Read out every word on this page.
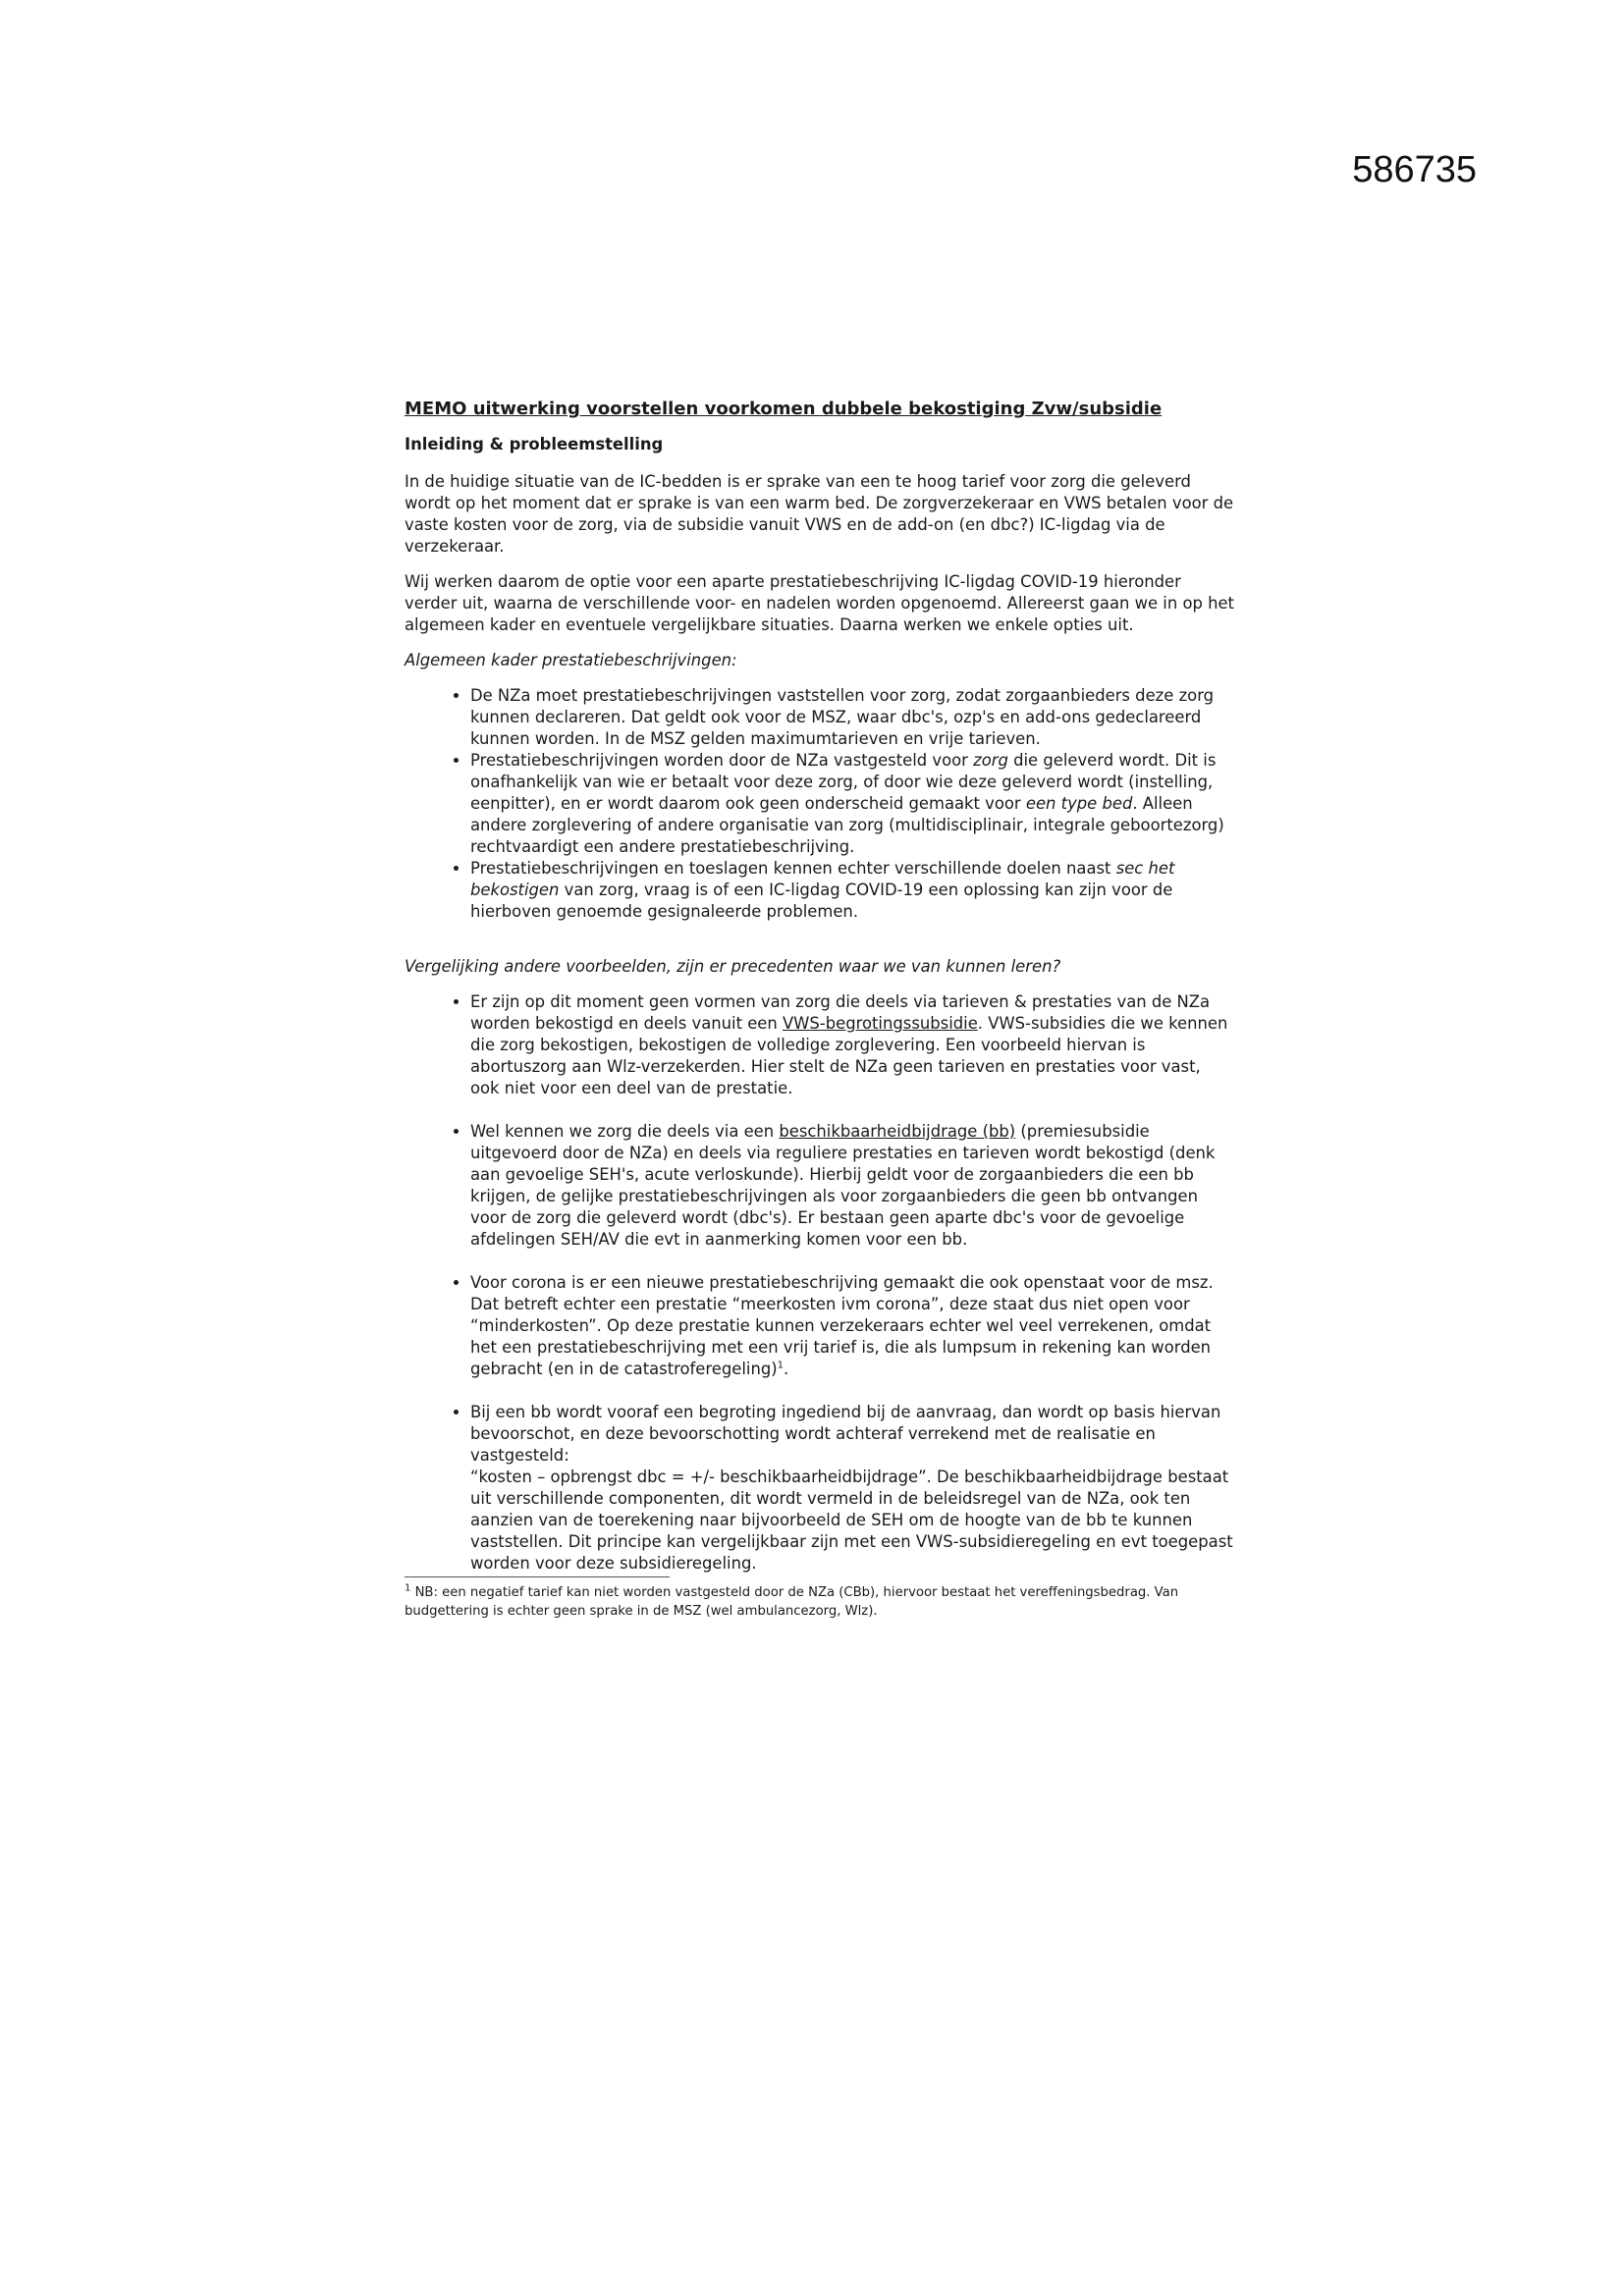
586735
MEMO uitwerking voorstellen voorkomen dubbele bekostiging Zvw/subsidie
Inleiding & probleemstelling

In de huidige situatie van de IC-bedden is er sprake van een te hoog tarief voor zorg die geleverd wordt op het moment dat er sprake is van een warm bed. De zorgverzekeraar en VWS betalen voor de vaste kosten voor de zorg, via de subsidie vanuit VWS en de add-on (en dbc?) IC-ligdag via de verzekeraar.

Wij werken daarom de optie voor een aparte prestatiebeschrijving IC-ligdag COVID-19 hieronder verder uit, waarna de verschillende voor- en nadelen worden opgenoemd. Allereerst gaan we in op het algemeen kader en eventuele vergelijkbare situaties. Daarna werken we enkele opties uit.

Algemeen kader prestatiebeschrijvingen:
• De NZa moet prestatiebeschrijvingen vaststellen voor zorg, zodat zorgaanbieders deze zorg kunnen declareren. Dat geldt ook voor de MSZ, waar dbc's, ozp's en add-ons gedeclareerd kunnen worden. In de MSZ gelden maximumtarieven en vrije tarieven.
• Prestatiebeschrijvingen worden door de NZa vastgesteld voor zorg die geleverd wordt. Dit is onafhankelijk van wie er betaalt voor deze zorg, of door wie deze geleverd wordt (instelling, eenpitter), en er wordt daarom ook geen onderscheid gemaakt voor een type bed. Alleen andere zorglevering of andere organisatie van zorg (multidisciplinair, integrale geboortezorg) rechtvaardigt een andere prestatiebeschrijving.
• Prestatiebeschrijvingen en toeslagen kennen echter verschillende doelen naast sec het bekostigen van zorg, vraag is of een IC-ligdag COVID-19 een oplossing kan zijn voor de hierboven genoemde gesignaleerde problemen.
Vergelijking andere voorbeelden, zijn er precedenten waar we van kunnen leren?
• Er zijn op dit moment geen vormen van zorg die deels via tarieven & prestaties van de NZa worden bekostigd en deels vanuit een VWS-begrotingssubsidie. VWS-subsidies die we kennen die zorg bekostigen, bekostigen de volledige zorglevering. Een voorbeeld hiervan is abortuszorg aan Wlz-verzekerden. Hier stelt de NZa geen tarieven en prestaties voor vast, ook niet voor een deel van de prestatie.
• Wel kennen we zorg die deels via een beschikbaarheidbijdrage (bb) (premiesubsidie uitgevoerd door de NZa) en deels via reguliere prestaties en tarieven wordt bekostigd (denk aan gevoelige SEH's, acute verloskunde). Hierbij geldt voor de zorgaanbieders die een bb krijgen, de gelijke prestatiebeschrijvingen als voor zorgaanbieders die geen bb ontvangen voor de zorg die geleverd wordt (dbc's). Er bestaan geen aparte dbc's voor de gevoelige afdelingen SEH/AV die evt in aanmerking komen voor een bb.
• Voor corona is er een nieuwe prestatiebeschrijving gemaakt die ook openstaat voor de msz. Dat betreft echter een prestatie “meerkosten ivm corona”, deze staat dus niet open voor “minderkosten”. Op deze prestatie kunnen verzekeraars echter wel veel verrekenen, omdat het een prestatiebeschrijving met een vrij tarief is, die als lumpsum in rekening kan worden gebracht (en in de catastroferegeling)$^1$.
• Bij een bb wordt vooraf een begroting ingediend bij de aanvraag, dan wordt op basis hiervan bevoorschot, en deze bevoorschotting wordt achteraf verrekend met de realisatie en vastgesteld:
“kosten – opbrengst dbc = +/- beschikbaarheidbijdrage”. De beschikbaarheidbijdrage bestaat uit verschillende componenten, dit wordt vermeld in de beleidsregel van de NZa, ook ten aanzien van de toerekening naar bijvoorbeeld de SEH om de hoogte van de bb te kunnen vaststellen. Dit principe kan vergelijkbaar zijn met een VWS-subsidieregeling en evt toegepast worden voor deze subsidieregeling.

$^1$ NB: een negatief tarief kan niet worden vastgesteld door de NZa (CBb), hiervoor bestaat het vereffeningsbedrag. Van budgettering is echter geen sprake in de MSZ (wel ambulancezorg, Wlz).
